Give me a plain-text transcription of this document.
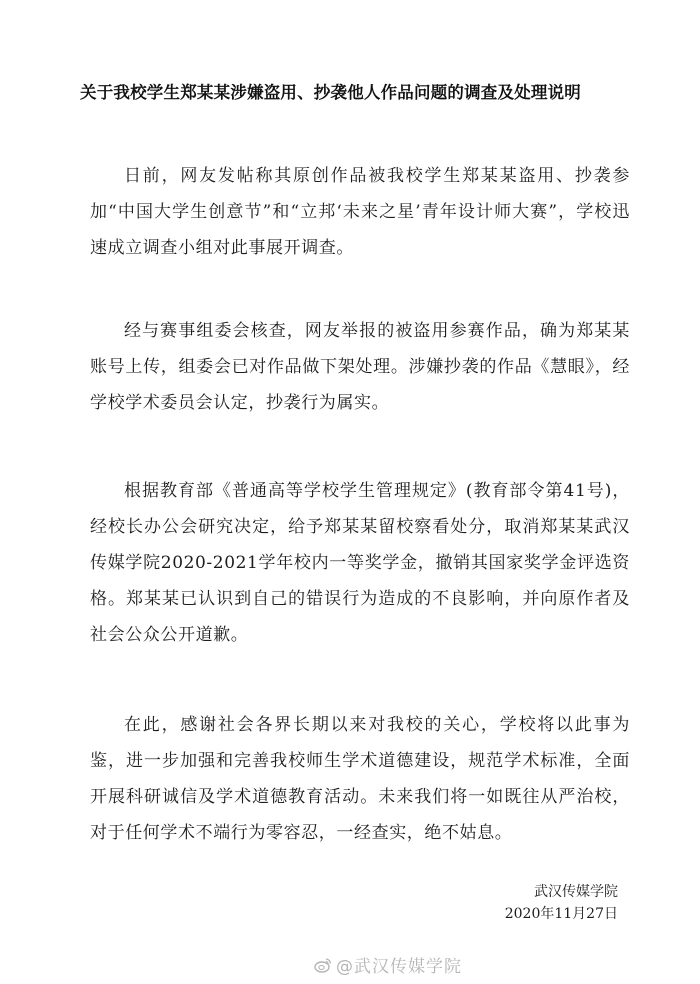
关于我校学生郑某某涉嫌盗用、抄袭他人作品问题的调查及处理说明

日前，网友发帖称其原创作品被我校学生郑某某盗用、抄袭参加“中国大学生创意节”和“立邦‘未来之星’青年设计师大赛”，学校迅速成立调查小组对此事展开调查。

经与赛事组委会核查，网友举报的被盗用参赛作品，确为郑某某账号上传，组委会已对作品做下架处理。涉嫌抄袭的作品《慧眼》，经学校学术委员会认定，抄袭行为属实。

根据教育部《普通高等学校学生管理规定》(教育部令第41号)，经校长办公会研究决定，给予郑某某留校察看处分，取消郑某某武汉传媒学院2020-2021学年校内一等奖学金，撤销其国家奖学金评选资格。郑某某已认识到自己的错误行为造成的不良影响，并向原作者及社会公众公开道歉。

在此，感谢社会各界长期以来对我校的关心，学校将以此事为鉴，进一步加强和完善我校师生学术道德建设，规范学术标准，全面开展科研诚信及学术道德教育活动。未来我们将一如既往从严治校，对于任何学术不端行为零容忍，一经查实，绝不姑息。

武汉传媒学院
2020年11月27日
@武汉传媒学院
